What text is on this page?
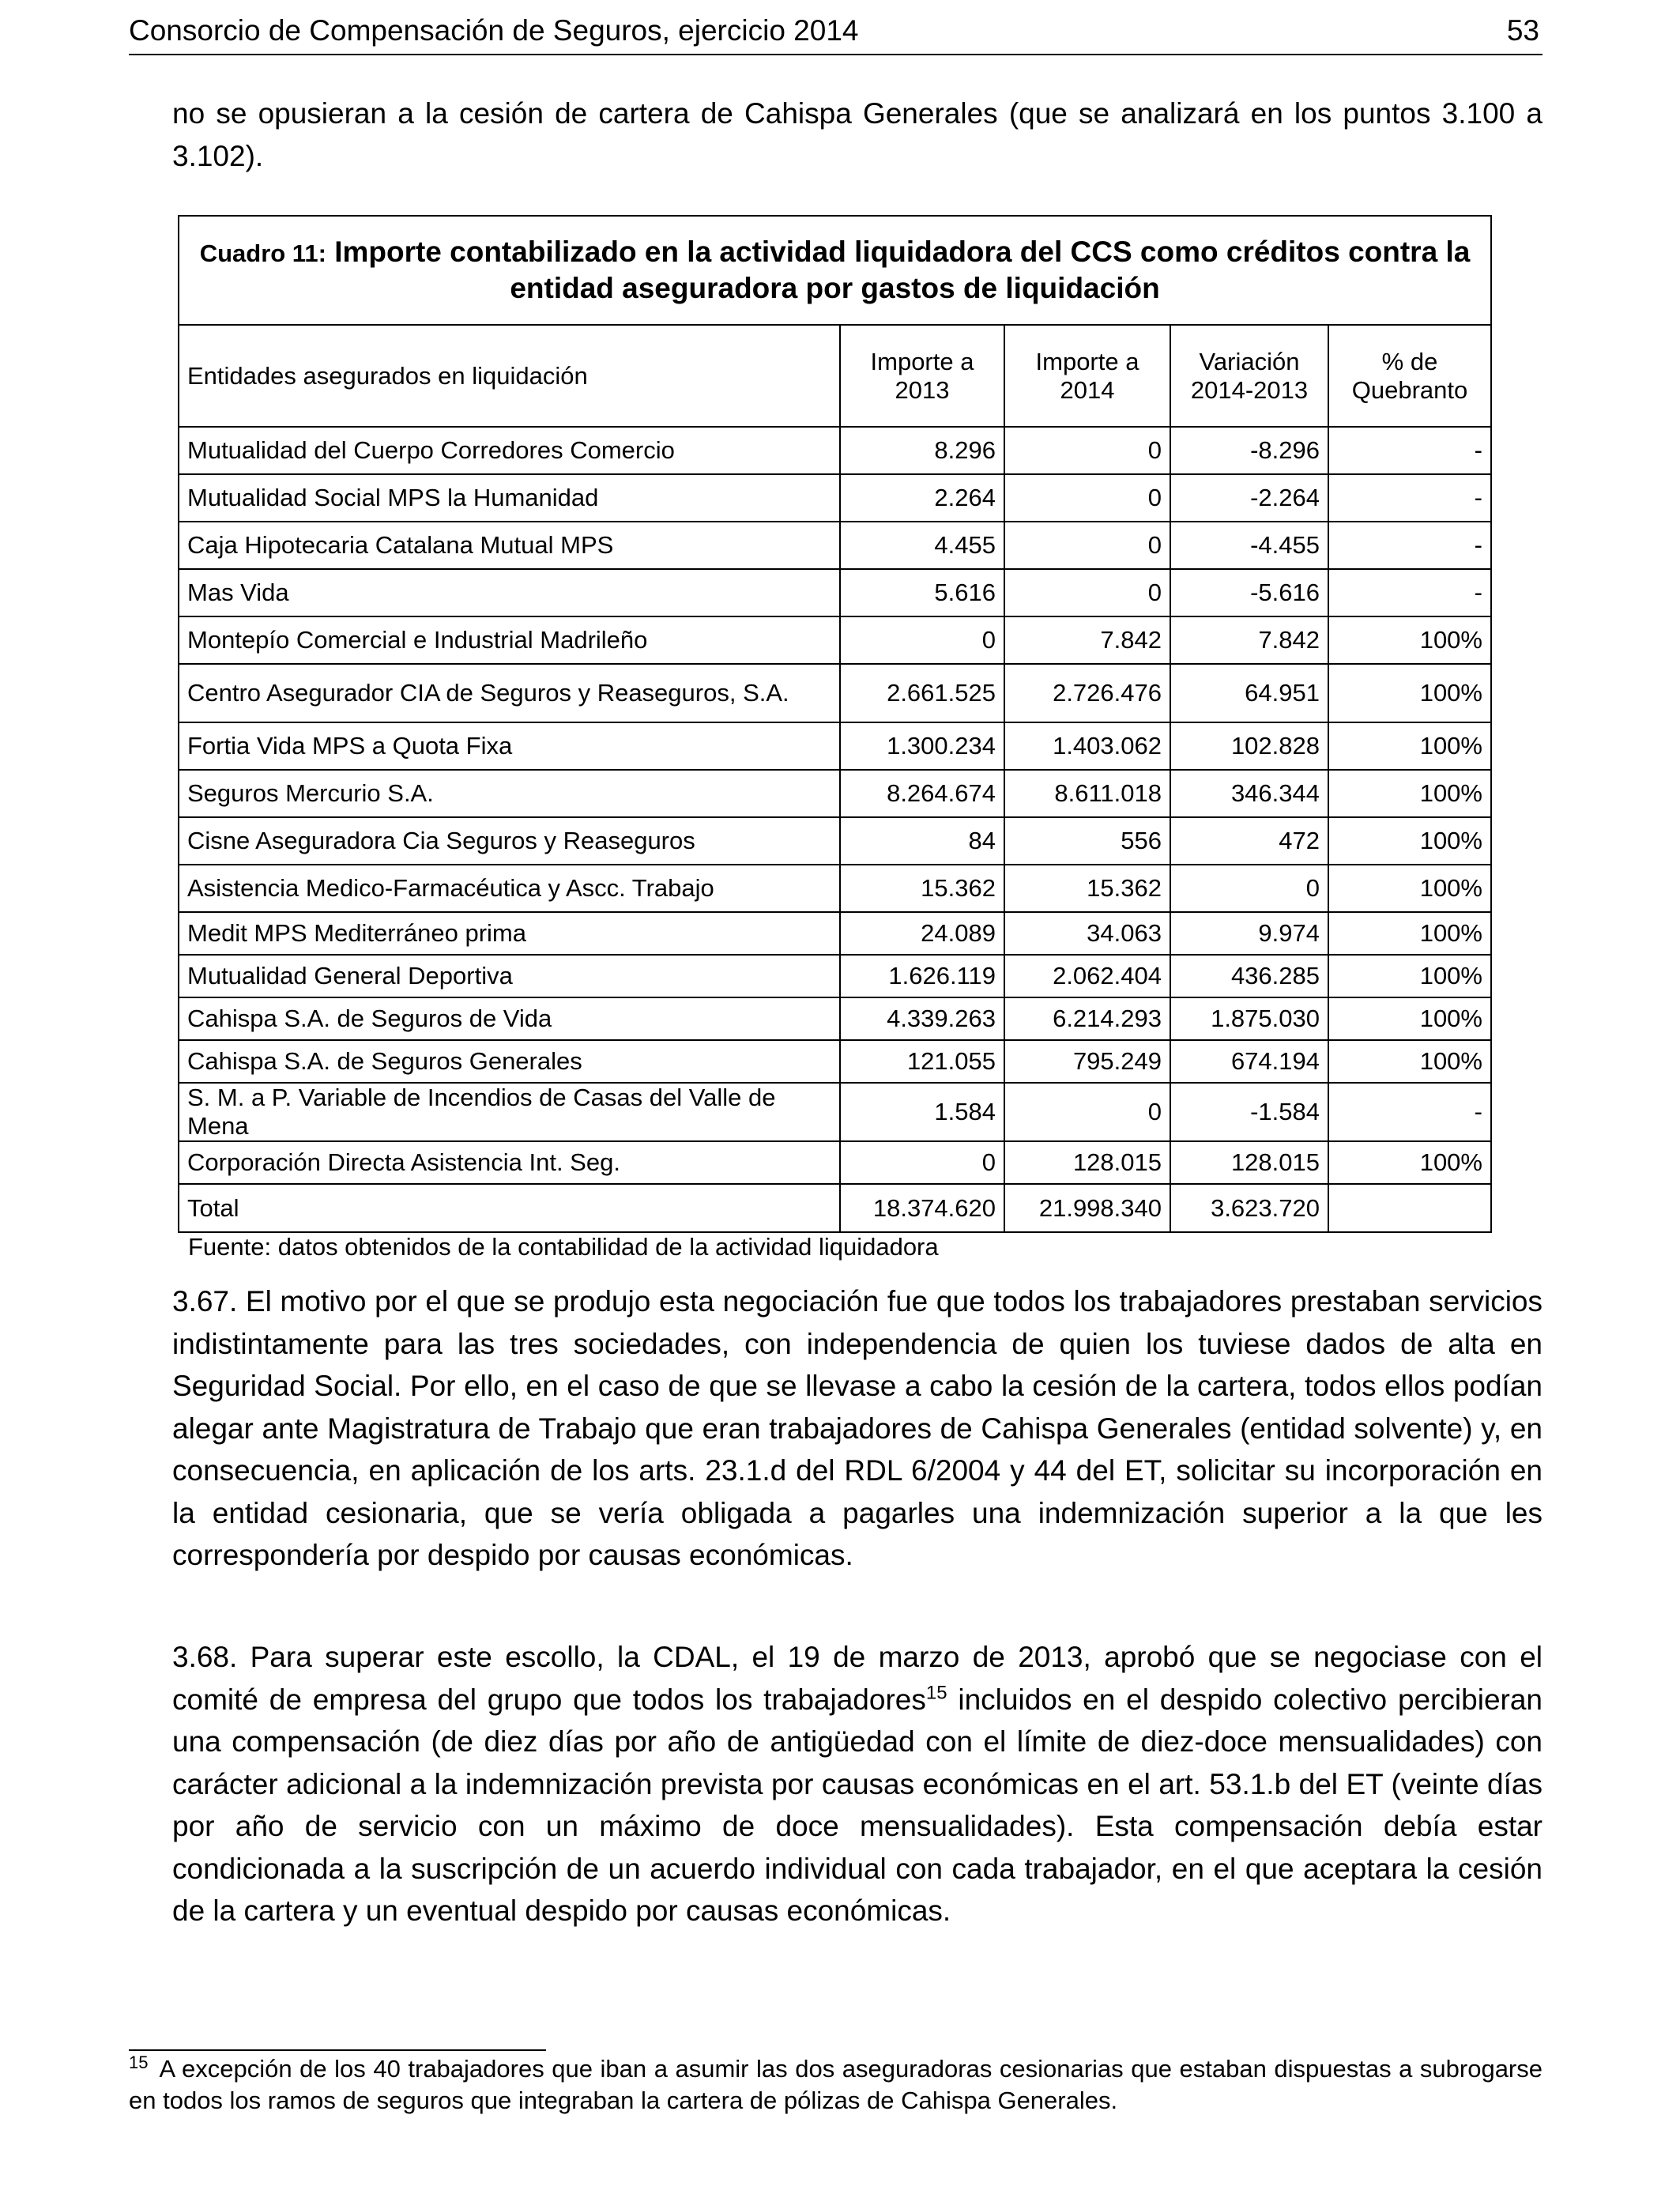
Consorcio de Compensación de Seguros, ejercicio 2014	53

no se opusieran a la cesión de cartera de Cahispa Generales (que se analizará en los puntos 3.100 a 3.102).

Cuadro 11: Importe contabilizado en la actividad liquidadora del CCS como créditos contra la entidad aseguradora por gastos de liquidación
Entidades asegurados en liquidación	Importe a 2013	Importe a 2014	Variación 2014-2013	% de Quebranto
Mutualidad del Cuerpo Corredores Comercio	8.296	0	-8.296	-
Mutualidad Social MPS la Humanidad	2.264	0	-2.264	-
Caja Hipotecaria Catalana Mutual MPS	4.455	0	-4.455	-
Mas Vida	5.616	0	-5.616	-
Montepío Comercial e Industrial Madrileño	0	7.842	7.842	100%
Centro Asegurador CIA de Seguros y Reaseguros, S.A.	2.661.525	2.726.476	64.951	100%
Fortia Vida MPS a Quota Fixa	1.300.234	1.403.062	102.828	100%
Seguros Mercurio S.A.	8.264.674	8.611.018	346.344	100%
Cisne Aseguradora Cia Seguros y Reaseguros	84	556	472	100%
Asistencia Medico-Farmacéutica y Ascc. Trabajo	15.362	15.362	0	100%
Medit MPS Mediterráneo prima	24.089	34.063	9.974	100%
Mutualidad General Deportiva	1.626.119	2.062.404	436.285	100%
Cahispa S.A. de Seguros de Vida	4.339.263	6.214.293	1.875.030	100%
Cahispa S.A. de Seguros Generales	121.055	795.249	674.194	100%
S. M. a P. Variable de Incendios de Casas del Valle de Mena	1.584	0	-1.584	-
Corporación Directa Asistencia Int. Seg.	0	128.015	128.015	100%
Total	18.374.620	21.998.340	3.623.720	
Fuente: datos obtenidos de la contabilidad de la actividad liquidadora

3.67. El motivo por el que se produjo esta negociación fue que todos los trabajadores prestaban servicios indistintamente para las tres sociedades, con independencia de quien los tuviese dados de alta en Seguridad Social. Por ello, en el caso de que se llevase a cabo la cesión de la cartera, todos ellos podían alegar ante Magistratura de Trabajo que eran trabajadores de Cahispa Generales (entidad solvente) y, en consecuencia, en aplicación de los arts. 23.1.d del RDL 6/2004 y 44 del ET, solicitar su incorporación en la entidad cesionaria, que se vería obligada a pagarles una indemnización superior a la que les correspondería por despido por causas económicas.

3.68. Para superar este escollo, la CDAL, el 19 de marzo de 2013, aprobó que se negociase con el comité de empresa del grupo que todos los trabajadores$^{15}$ incluidos en el despido colectivo percibieran una compensación (de diez días por año de antigüedad con el límite de diez-doce mensualidades) con carácter adicional a la indemnización prevista por causas económicas en el art. 53.1.b del ET (veinte días por año de servicio con un máximo de doce mensualidades). Esta compensación debía estar condicionada a la suscripción de un acuerdo individual con cada trabajador, en el que aceptara la cesión de la cartera y un eventual despido por causas económicas.

$^{15}$ A excepción de los 40 trabajadores que iban a asumir las dos aseguradoras cesionarias que estaban dispuestas a subrogarse en todos los ramos de seguros que integraban la cartera de pólizas de Cahispa Generales.
